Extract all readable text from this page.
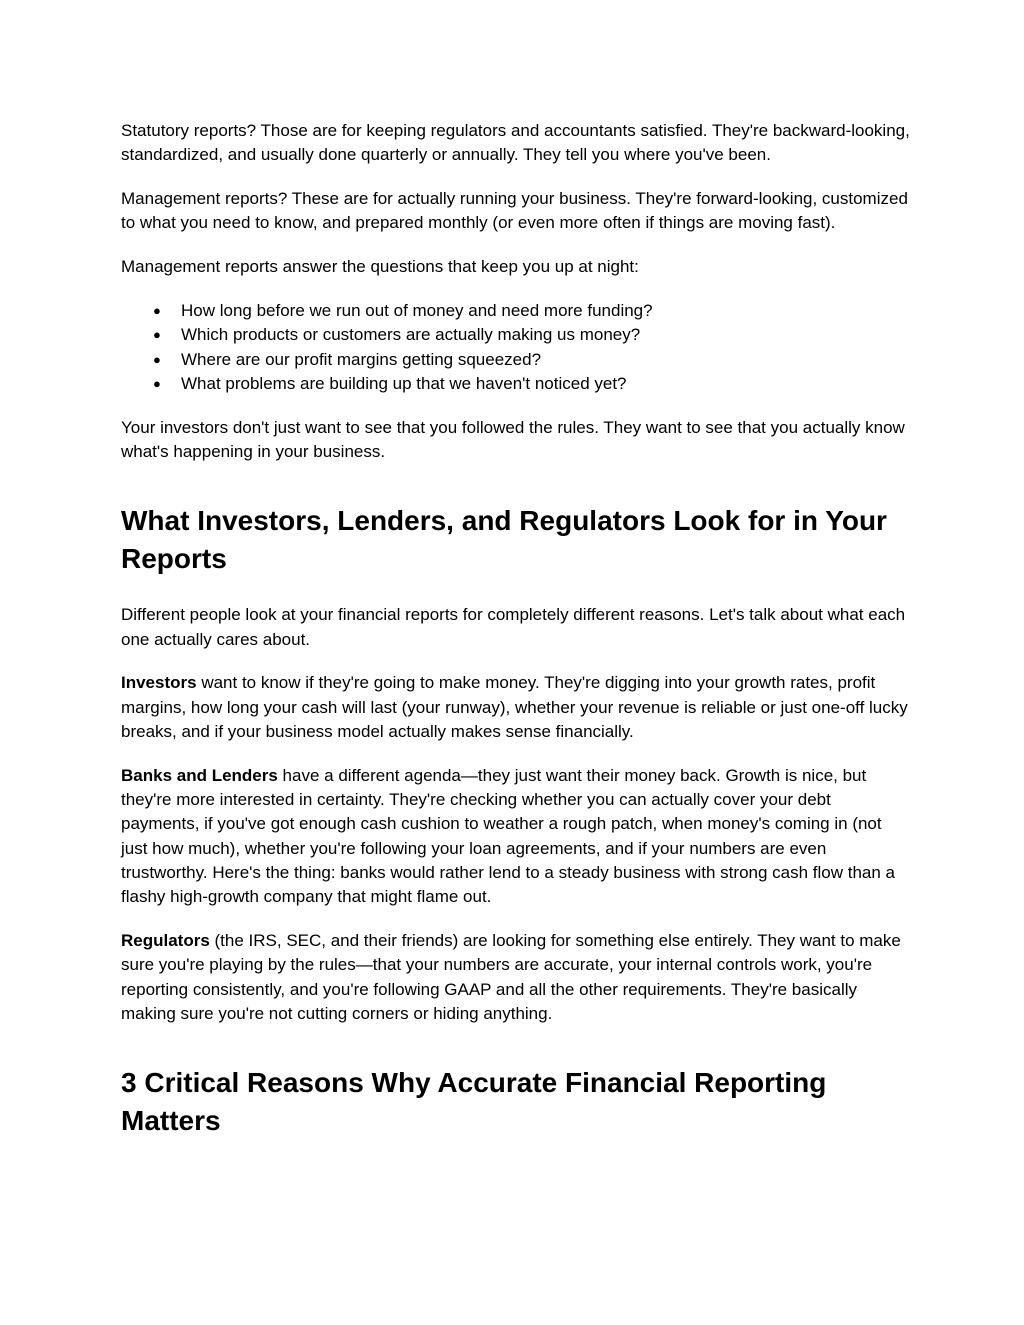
Statutory reports? Those are for keeping regulators and accountants satisfied. They're backward-looking, standardized, and usually done quarterly or annually. They tell you where you've been.

Management reports? These are for actually running your business. They're forward-looking, customized to what you need to know, and prepared monthly (or even more often if things are moving fast).

Management reports answer the questions that keep you up at night:

● How long before we run out of money and need more funding?
● Which products or customers are actually making us money?
● Where are our profit margins getting squeezed?
● What problems are building up that we haven't noticed yet?

Your investors don't just want to see that you followed the rules. They want to see that you actually know what's happening in your business.

What Investors, Lenders, and Regulators Look for in Your Reports

Different people look at your financial reports for completely different reasons. Let's talk about what each one actually cares about.

Investors want to know if they're going to make money. They're digging into your growth rates, profit margins, how long your cash will last (your runway), whether your revenue is reliable or just one-off lucky breaks, and if your business model actually makes sense financially.

Banks and Lenders have a different agenda—they just want their money back. Growth is nice, but they're more interested in certainty. They're checking whether you can actually cover your debt payments, if you've got enough cash cushion to weather a rough patch, when money's coming in (not just how much), whether you're following your loan agreements, and if your numbers are even trustworthy. Here's the thing: banks would rather lend to a steady business with strong cash flow than a flashy high-growth company that might flame out.

Regulators (the IRS, SEC, and their friends) are looking for something else entirely. They want to make sure you're playing by the rules—that your numbers are accurate, your internal controls work, you're reporting consistently, and you're following GAAP and all the other requirements. They're basically making sure you're not cutting corners or hiding anything.

3 Critical Reasons Why Accurate Financial Reporting Matters
